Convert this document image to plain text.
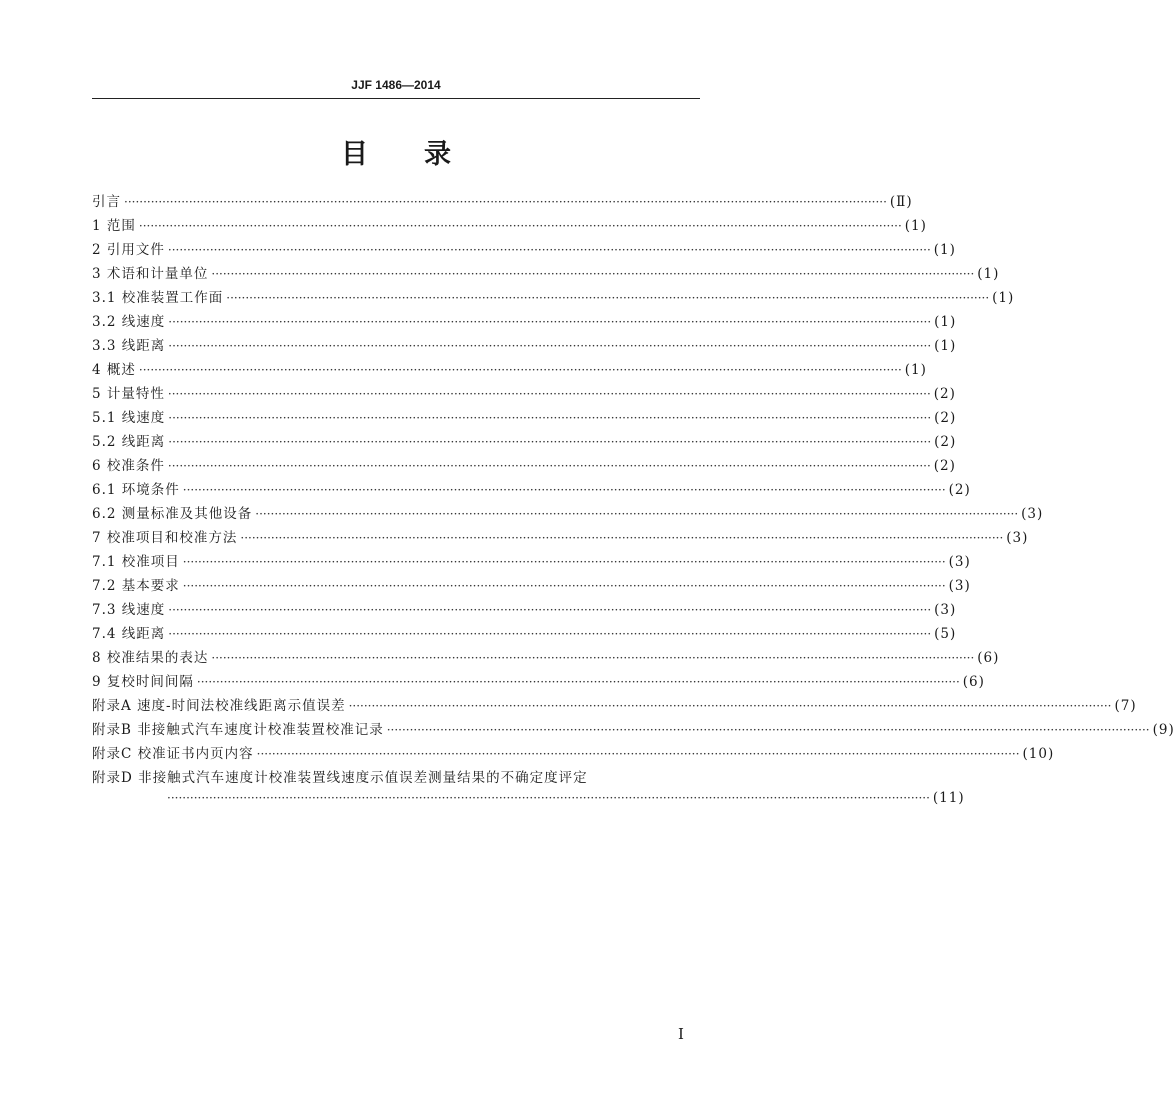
JJF 1486—2014
目录
引言 ········································································································································································································ (Ⅱ)
1 范围 ········································································································································································································ (1)
2 引用文件 ········································································································································································································ (1)
3 术语和计量单位 ········································································································································································································ (1)
3.1 校准装置工作面 ········································································································································································································ (1)
3.2 线速度 ········································································································································································································ (1)
3.3 线距离 ········································································································································································································ (1)
4 概述 ········································································································································································································ (1)
5 计量特性 ········································································································································································································ (2)
5.1 线速度 ········································································································································································································ (2)
5.2 线距离 ········································································································································································································ (2)
6 校准条件 ········································································································································································································ (2)
6.1 环境条件 ········································································································································································································ (2)
6.2 测量标准及其他设备 ········································································································································································································ (3)
7 校准项目和校准方法 ········································································································································································································ (3)
7.1 校准项目 ········································································································································································································ (3)
7.2 基本要求 ········································································································································································································ (3)
7.3 线速度 ········································································································································································································ (3)
7.4 线距离 ········································································································································································································ (5)
8 校准结果的表达 ········································································································································································································ (6)
9 复校时间间隔 ········································································································································································································ (6)
附录A 速度-时间法校准线距离示值误差 ········································································································································································································ (7)
附录B 非接触式汽车速度计校准装置校准记录 ········································································································································································································ (9)
附录C 校准证书内页内容 ········································································································································································································ (10)
附录D 非接触式汽车速度计校准装置线速度示值误差测量结果的不确定度评定
········································································································································································································ (11)
I
